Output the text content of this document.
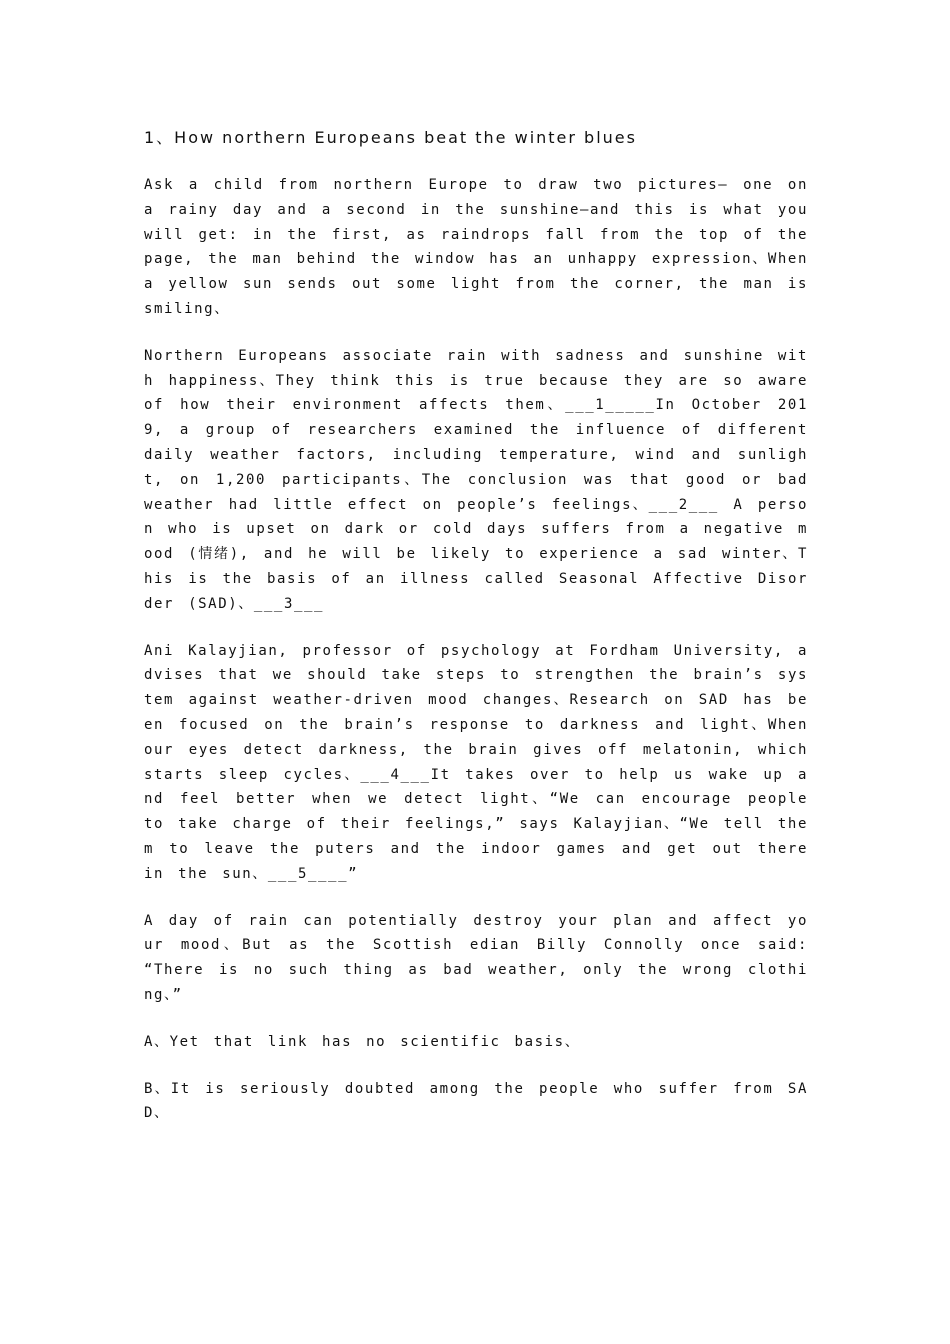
1、How northern Europeans beat the winter blues

Ask a child from northern Europe to draw two pictures— one on a rainy day and a second in the sunshine—and this is what you will get: in the first, as raindrops fall from the top of the page, the man behind the window has an unhappy expression、When a yellow sun sends out some light from the corner, the man is smiling、

Northern Europeans associate rain with sadness and sunshine with happiness、They think this is true because they are so aware of how their environment affects them、___1_____In October 2019, a group of researchers examined the influence of different daily weather factors, including temperature, wind and sunlight, on 1,200 participants、The conclusion was that good or bad weather had little effect on people’s feelings、___2___ A person who is upset on dark or cold days suffers from a negative mood (情绪), and he will be likely to experience a sad winter、This is the basis of an illness called Seasonal Affective Disorder (SAD)、___3___

Ani Kalayjian, professor of psychology at Fordham University, advises that we should take steps to strengthen the brain’s system against weather-driven mood changes、Research on SAD has been focused on the brain’s response to darkness and light、When our eyes detect darkness, the brain gives off melatonin, which starts sleep cycles、___4___It takes over to help us wake up and feel better when we detect light、“We can encourage people to take charge of their feelings,” says Kalayjian、“We tell them to leave the puters and the indoor games and get out there in the sun、___5____”

A day of rain can potentially destroy your plan and affect your mood、But as the Scottish edian Billy Connolly once said: “There is no such thing as bad weather, only the wrong clothing、”

A、Yet that link has no scientific basis、

B、It is seriously doubted among the people who suffer from SAD、
